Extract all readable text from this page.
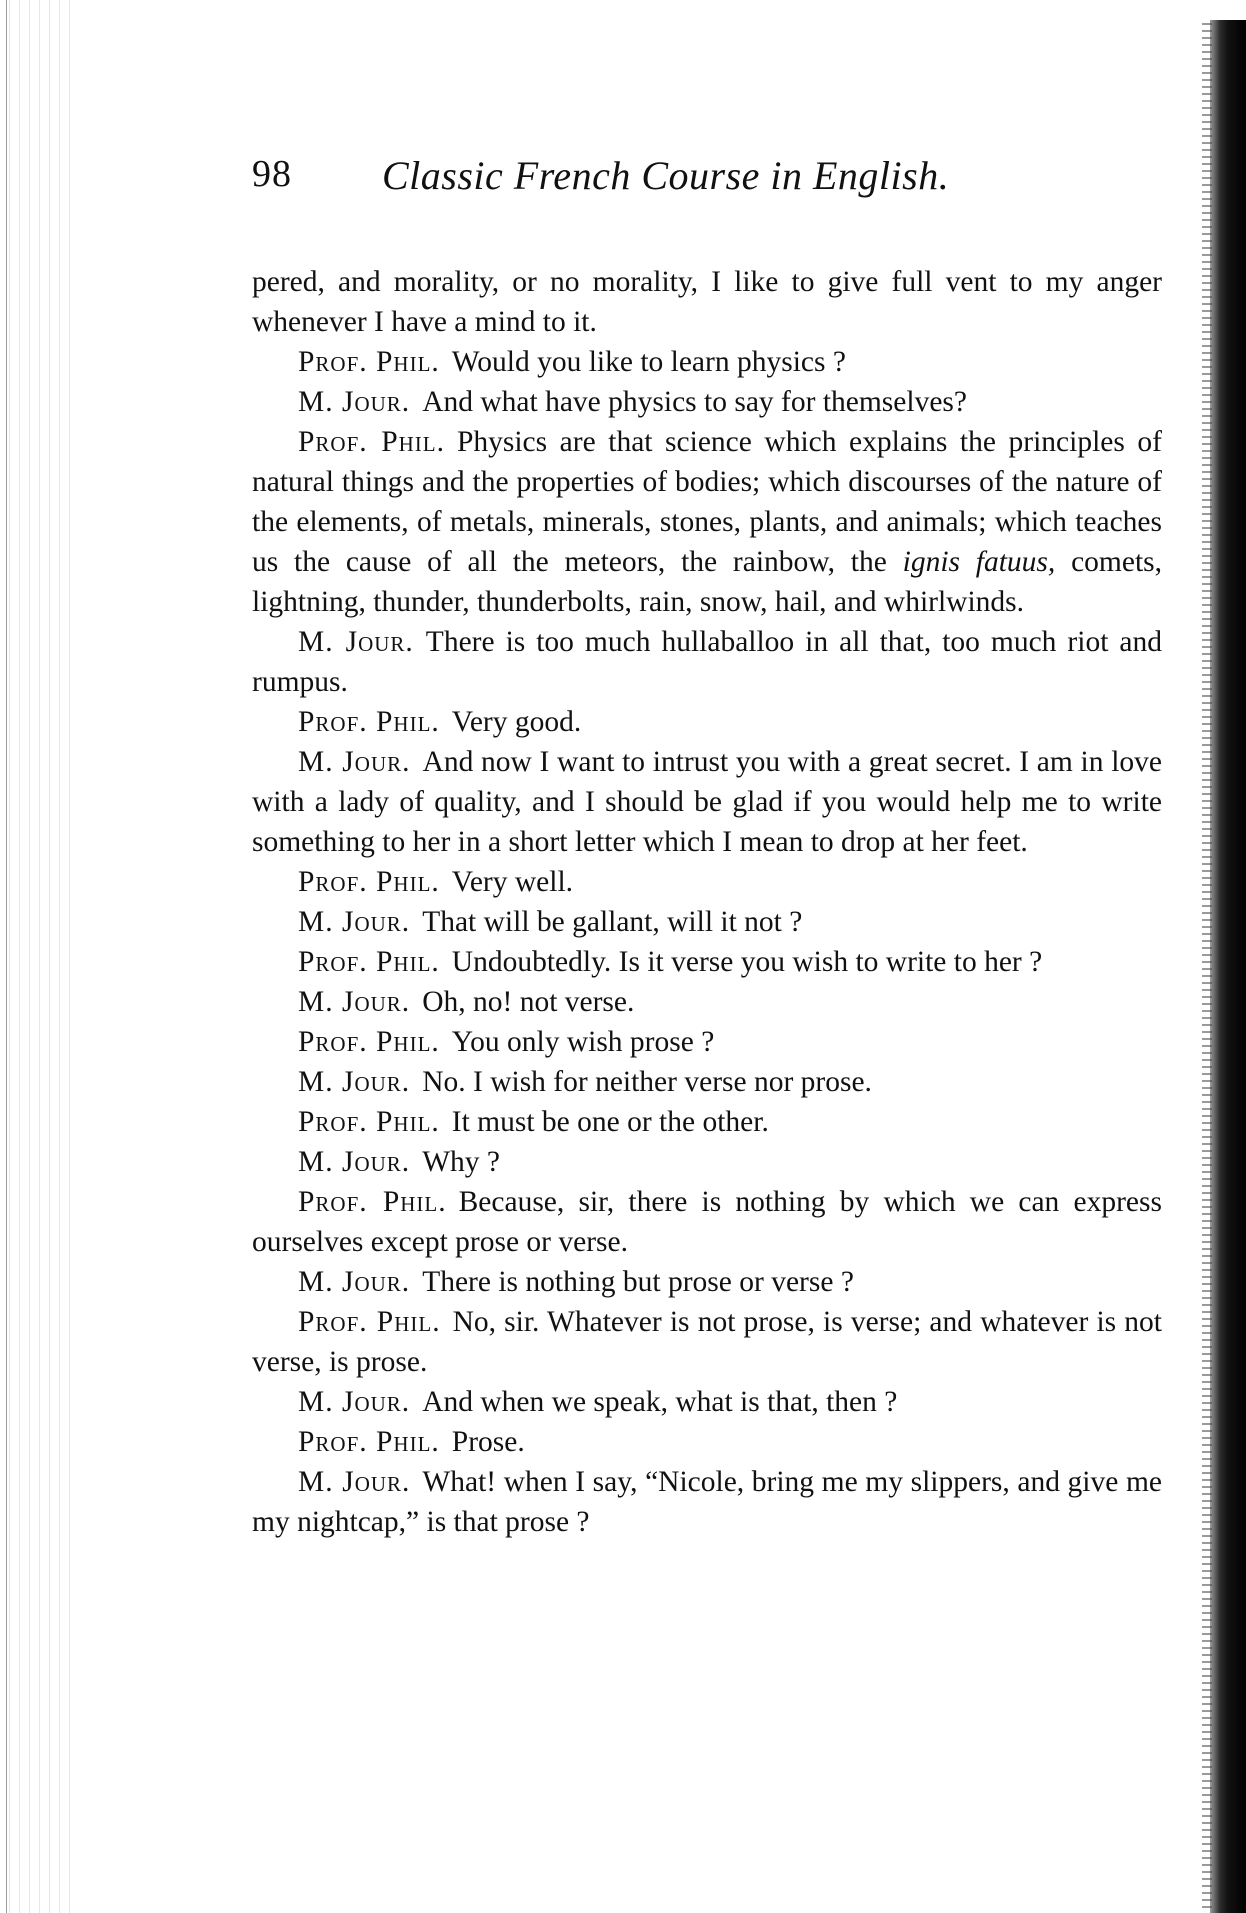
98 Classic French Course in English.

pered, and morality, or no morality, I like to give full vent to my anger whenever I have a mind to it.

Prof. Phil. Would you like to learn physics ?

M. Jour. And what have physics to say for themselves?

Prof. Phil. Physics are that science which explains the principles of natural things and the properties of bodies; which discourses of the nature of the elements, of metals, minerals, stones, plants, and animals; which teaches us the cause of all the meteors, the rainbow, the ignis fatuus, comets, lightning, thunder, thunderbolts, rain, snow, hail, and whirlwinds.

M. Jour. There is too much hullaballoo in all that, too much riot and rumpus.

Prof. Phil. Very good.

M. Jour. And now I want to intrust you with a great secret. I am in love with a lady of quality, and I should be glad if you would help me to write something to her in a short letter which I mean to drop at her feet.

Prof. Phil. Very well.

M. Jour. That will be gallant, will it not ?

Prof. Phil. Undoubtedly. Is it verse you wish to write to her ?

M. Jour. Oh, no! not verse.

Prof. Phil. You only wish prose ?

M. Jour. No. I wish for neither verse nor prose.

Prof. Phil. It must be one or the other.

M. Jour. Why ?

Prof. Phil. Because, sir, there is nothing by which we can express ourselves except prose or verse.

M. Jour. There is nothing but prose or verse ?

Prof. Phil. No, sir. Whatever is not prose, is verse; and whatever is not verse, is prose.

M. Jour. And when we speak, what is that, then ?

Prof. Phil. Prose.

M. Jour. What! when I say, “Nicole, bring me my slippers, and give me my nightcap,” is that prose ?
